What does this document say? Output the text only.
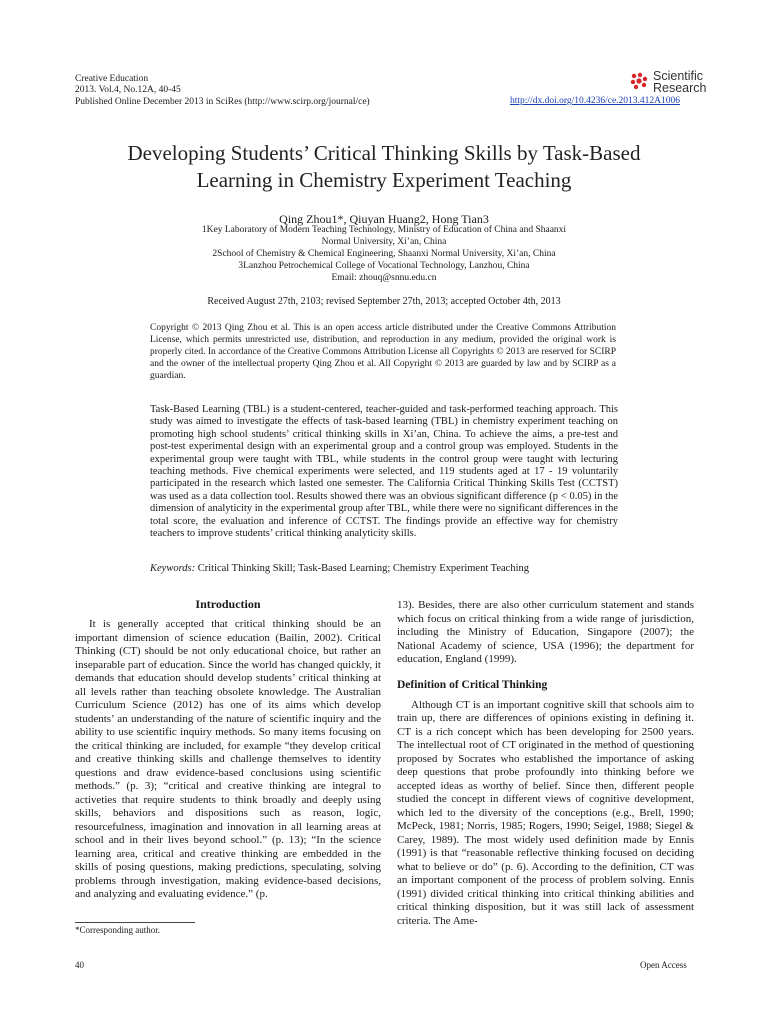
Creative Education
2013. Vol.4, No.12A, 40-45
Published Online December 2013 in SciRes (http://www.scirp.org/journal/ce)
Scientific
Research
http://dx.doi.org/10.4236/ce.2013.412A1006
Developing Students’ Critical Thinking Skills by Task-Based
Learning in Chemistry Experiment Teaching
Qing Zhou1*, Qiuyan Huang2, Hong Tian3
1Key Laboratory of Modern Teaching Technology, Ministry of Education of China and Shaanxi
Normal University, Xi’an, China
2School of Chemistry & Chemical Engineering, Shaanxi Normal University, Xi’an, China
3Lanzhou Petrochemical College of Vocational Technology, Lanzhou, China
Email: zhouq@snnu.edu.cn
Received August 27th, 2103; revised September 27th, 2013; accepted October 4th, 2013
Copyright © 2013 Qing Zhou et al. This is an open access article distributed under the Creative Commons Attribution License, which permits unrestricted use, distribution, and reproduction in any medium, provided the original work is properly cited. In accordance of the Creative Commons Attribution License all Copyrights © 2013 are reserved for SCIRP and the owner of the intellectual property Qing Zhou et al. All Copyright © 2013 are guarded by law and by SCIRP as a guardian.
Task-Based Learning (TBL) is a student-centered, teacher-guided and task-performed teaching approach. This study was aimed to investigate the effects of task-based learning (TBL) in chemistry experiment teaching on promoting high school students’ critical thinking skills in Xi’an, China. To achieve the aims, a pre-test and post-test experimental design with an experimental group and a control group was employed. Students in the experimental group were taught with TBL, while students in the control group were taught with lecturing teaching methods. Five chemical experiments were selected, and 119 students aged at 17 - 19 voluntarily participated in the research which lasted one semester. The California Critical Thinking Skills Test (CCTST) was used as a data collection tool. Results showed there was an obvious significant difference (p < 0.05) in the dimension of analyticity in the experimental group after TBL, while there were no significant differences in the total score, the evaluation and inference of CCTST. The findings provide an effective way for chemistry teachers to improve students’ critical thinking analyticity skills.
Keywords: Critical Thinking Skill; Task-Based Learning; Chemistry Experiment Teaching
Introduction

It is generally accepted that critical thinking should be an important dimension of science education (Bailin, 2002). Critical Thinking (CT) should be not only educational choice, but rather an inseparable part of education. Since the world has changed quickly, it demands that education should develop students’ critical thinking at all levels rather than teaching obsolete knowledge. The Australian Curriculum Science (2012) has one of its aims which develop students’ an understanding of the nature of scientific inquiry and the ability to use scientific inquiry methods. So many items focusing on the critical thinking are included, for example “they develop critical and creative thinking skills and challenge themselves to identity questions and draw evidence-based conclusions using scientific methods.” (p. 3); “critical and creative thinking are integral to activeties that require students to think broadly and deeply using skills, behaviors and dispositions such as reason, logic, resourcefulness, imagination and innovation in all learning areas at school and in their lives beyond school.” (p. 13); “In the science learning area, critical and creative thinking are embedded in the skills of posing questions, making predictions, speculating, solving problems through investigation, making evidence-based decisions, and analyzing and evaluating evidence.” (p.

*Corresponding author.

13). Besides, there are also other curriculum statement and stands which focus on critical thinking from a wide range of jurisdiction, including the Ministry of Education, Singapore (2007); the National Academy of science, USA (1996); the department for education, England (1999).

Definition of Critical Thinking

Although CT is an important cognitive skill that schools aim to train up, there are differences of opinions existing in defining it. CT is a rich concept which has been developing for 2500 years. The intellectual root of CT originated in the method of questioning proposed by Socrates who established the importance of asking deep questions that probe profoundly into thinking before we accepted ideas as worthy of belief. Since then, different people studied the concept in different views of cognitive development, which led to the diversity of the conceptions (e.g., Brell, 1990; McPeck, 1981; Norris, 1985; Rogers, 1990; Seigel, 1988; Siegel & Carey, 1989). The most widely used definition made by Ennis (1991) is that “reasonable reflective thinking focused on deciding what to believe or do” (p. 6). According to the definition, CT was an important component of the process of problem solving. Ennis (1991) divided critical thinking into critical thinking abilities and critical thinking disposition, but it was still lack of assessment criteria. The Ame-

40	Open Access
